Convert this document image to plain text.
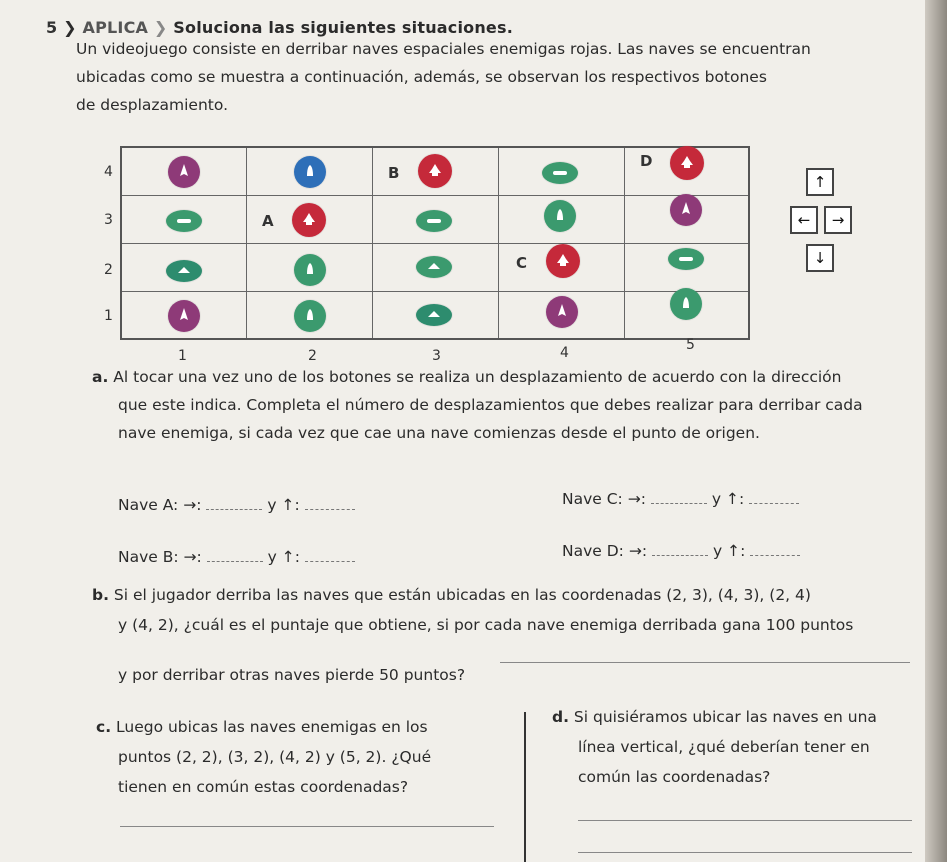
5 ❯ APLICA ❯ Soluciona las siguientes situaciones.
Un videojuego consiste en derribar naves espaciales enemigas rojas. Las naves se encuentran
ubicadas como se muestra a continuación, además, se observan los respectivos botones
de desplazamiento.
4
3
2
1
1	2	3	4	5
B
D
A
C
↑
←	→
↓
a. Al tocar una vez uno de los botones se realiza un desplazamiento de acuerdo con la dirección
que este indica. Completa el número de desplazamientos que debes realizar para derribar cada
nave enemiga, si cada vez que cae una nave comienzas desde el punto de origen.
Nave A: →:	y ↑:
Nave B: →:	y ↑:
Nave C: →:	y ↑:
Nave D: →:	y ↑:
b. Si el jugador derriba las naves que están ubicadas en las coordenadas (2, 3), (4, 3), (2, 4)
y (4, 2), ¿cuál es el puntaje que obtiene, si por cada nave enemiga derribada gana 100 puntos
y por derribar otras naves pierde 50 puntos?
c. Luego ubicas las naves enemigas en los
puntos (2, 2), (3, 2), (4, 2) y (5, 2). ¿Qué
tienen en común estas coordenadas?
d. Si quisiéramos ubicar las naves en una
línea vertical, ¿qué deberían tener en
común las coordenadas?
